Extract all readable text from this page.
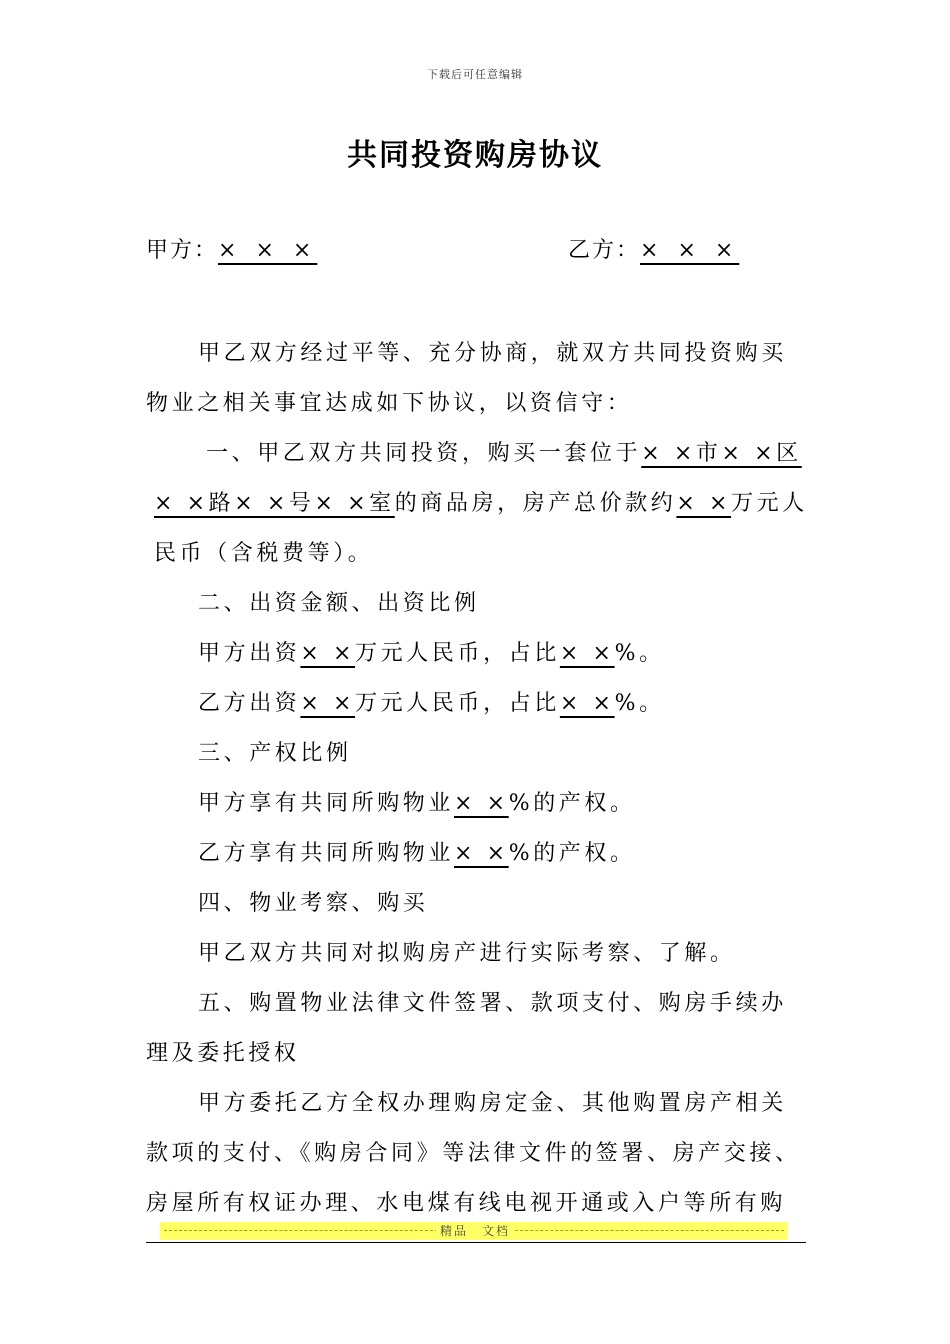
下载后可任意编辑
共同投资购房协议
甲方：× × ×	乙方：× × ×
甲乙双方经过平等、充分协商，就双方共同投资购买
物业之相关事宜达成如下协议，以资信守：
一、甲乙双方共同投资，购买一套位于× ×市× ×区
× ×路× ×号× ×室的商品房，房产总价款约× ×万元人
民币（含税费等）。
二、出资金额、出资比例
甲方出资× ×万元人民币，占比× ×%。
乙方出资× ×万元人民币，占比× ×%。
三、产权比例
甲方享有共同所购物业× ×%的产权。
乙方享有共同所购物业× ×%的产权。
四、物业考察、购买
甲乙双方共同对拟购房产进行实际考察、了解。
五、购置物业法律文件签署、款项支付、购房手续办
理及委托授权
甲方委托乙方全权办理购房定金、其他购置房产相关
款项的支付、《购房合同》等法律文件的签署、房产交接、
房屋所有权证办理、水电煤有线电视开通或入户等所有购
精品　文档
